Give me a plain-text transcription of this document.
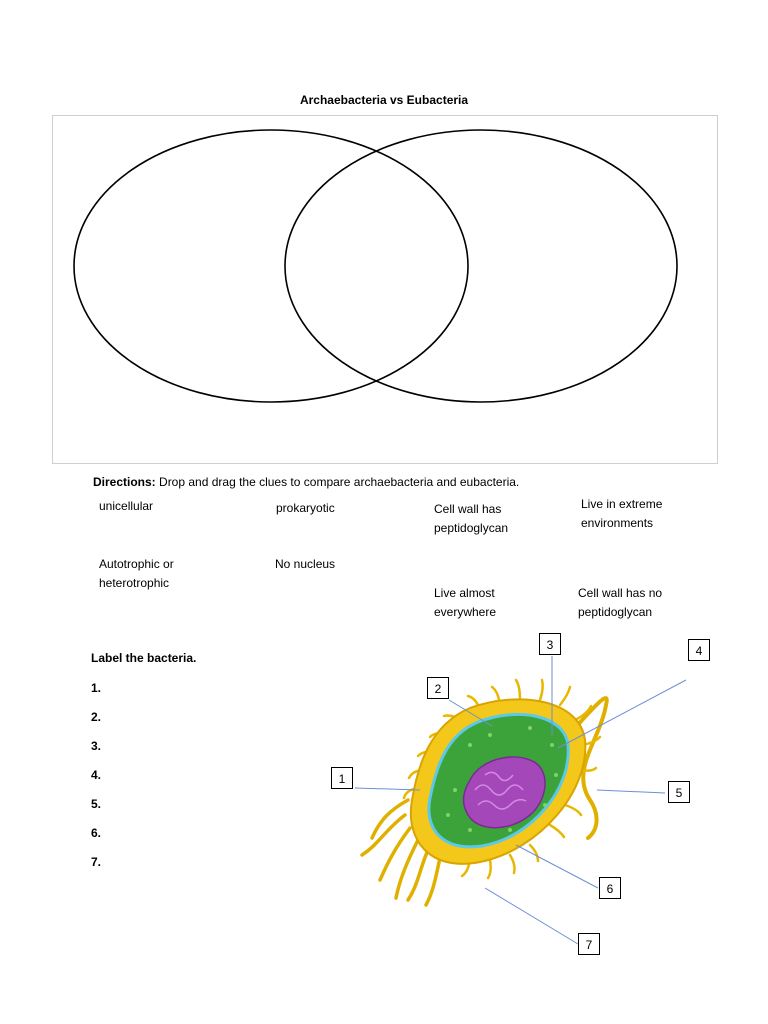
Archaebacteria vs Eubacteria
Directions: Drop and drag the clues to compare archaebacteria and eubacteria.
unicellular	prokaryotic	Cell wall has peptidoglycan
Live in extreme environments
Autotrophic or heterotrophic
No nucleus
Live almost everywhere
Cell wall has no peptidoglycan
Label the bacteria.
1.
2.
3.
4.
5.
6.
7.
1
2
3	4
5
6
7
